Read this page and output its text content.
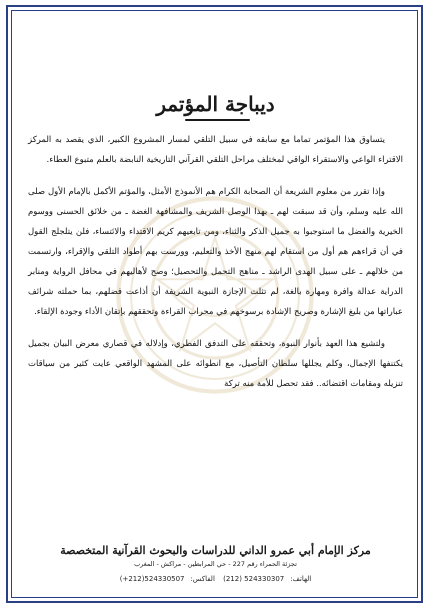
ديباجة المؤتمر

يتساوق هذا المؤتمر تماما مع سابقه في سبيل التلقي لمسار المشروع الكبير، الذي يقصد به المركز الاقتراء الواعي والاستقراء الواقي لمختلف مراحل التلقي القرآني التاريخية النابضة بالعلم متبوع العطاء.

وإذا تقرر من معلوم الشريعة أن الصحابة الكرام هم الأنموذج الأمثل، والمؤتم الأكمل بالإمام الأول صلى الله عليه وسلم، وأن قد سبقت لهم ـ بهذا الوصل الشريف والمشافهة الغضة ـ من خلائق الحسنى ووسوم الخيرية والفضل ما استوجبوا به جميل الذكر والثناء، ومن تابعيهم كريم الاقتداء والائتساء، فلن يتلجلج القول في أن قراءهم هم أول من استقام لهم منهج الأخذ والتعليم، وورست بهم أطواد التلقي والإقراء، وارتسمت من خلالهم ـ على سبيل الهدى الراشد ـ مناهج التحمل والتحصيل؛ وصح لأهاليهم في محافل الرواية ومنابر الدراية عدالة وافرة ومهارة بالغة، لم تثلث الإجازة النبوية الشريفة أن أذاعت فضلهم، بما حملته شرائف عباراتها من بليغ الإشارة وصريح الإشادة برسوخهم في محراب القراءة وتحققهم بإتقان الأداء وجودة الإلقاء.

ولتشيع هذا العهد بأنوار النبوة، وتحققه على التدفق الفطري، وإدلاله في قصاري معرض البيان بجميل يكتنفها الإجمال، وكلم يجللها سلطان التأصيل، مع انطوائه على المشهد الواقعي عايت كثير من سياقات تنزيله ومقامات اقتضائه.. فقد تحصل للأمة منه تركة

مركز الإمام أبي عمرو الداني للدراسات والبحوث القرآنية المتخصصة
تجزئة الحمراء رقم 227 - حي المرابطين - مراكش - المغرب
الهاتف:(212) 524330307 الفاكس:(+212)524330507
